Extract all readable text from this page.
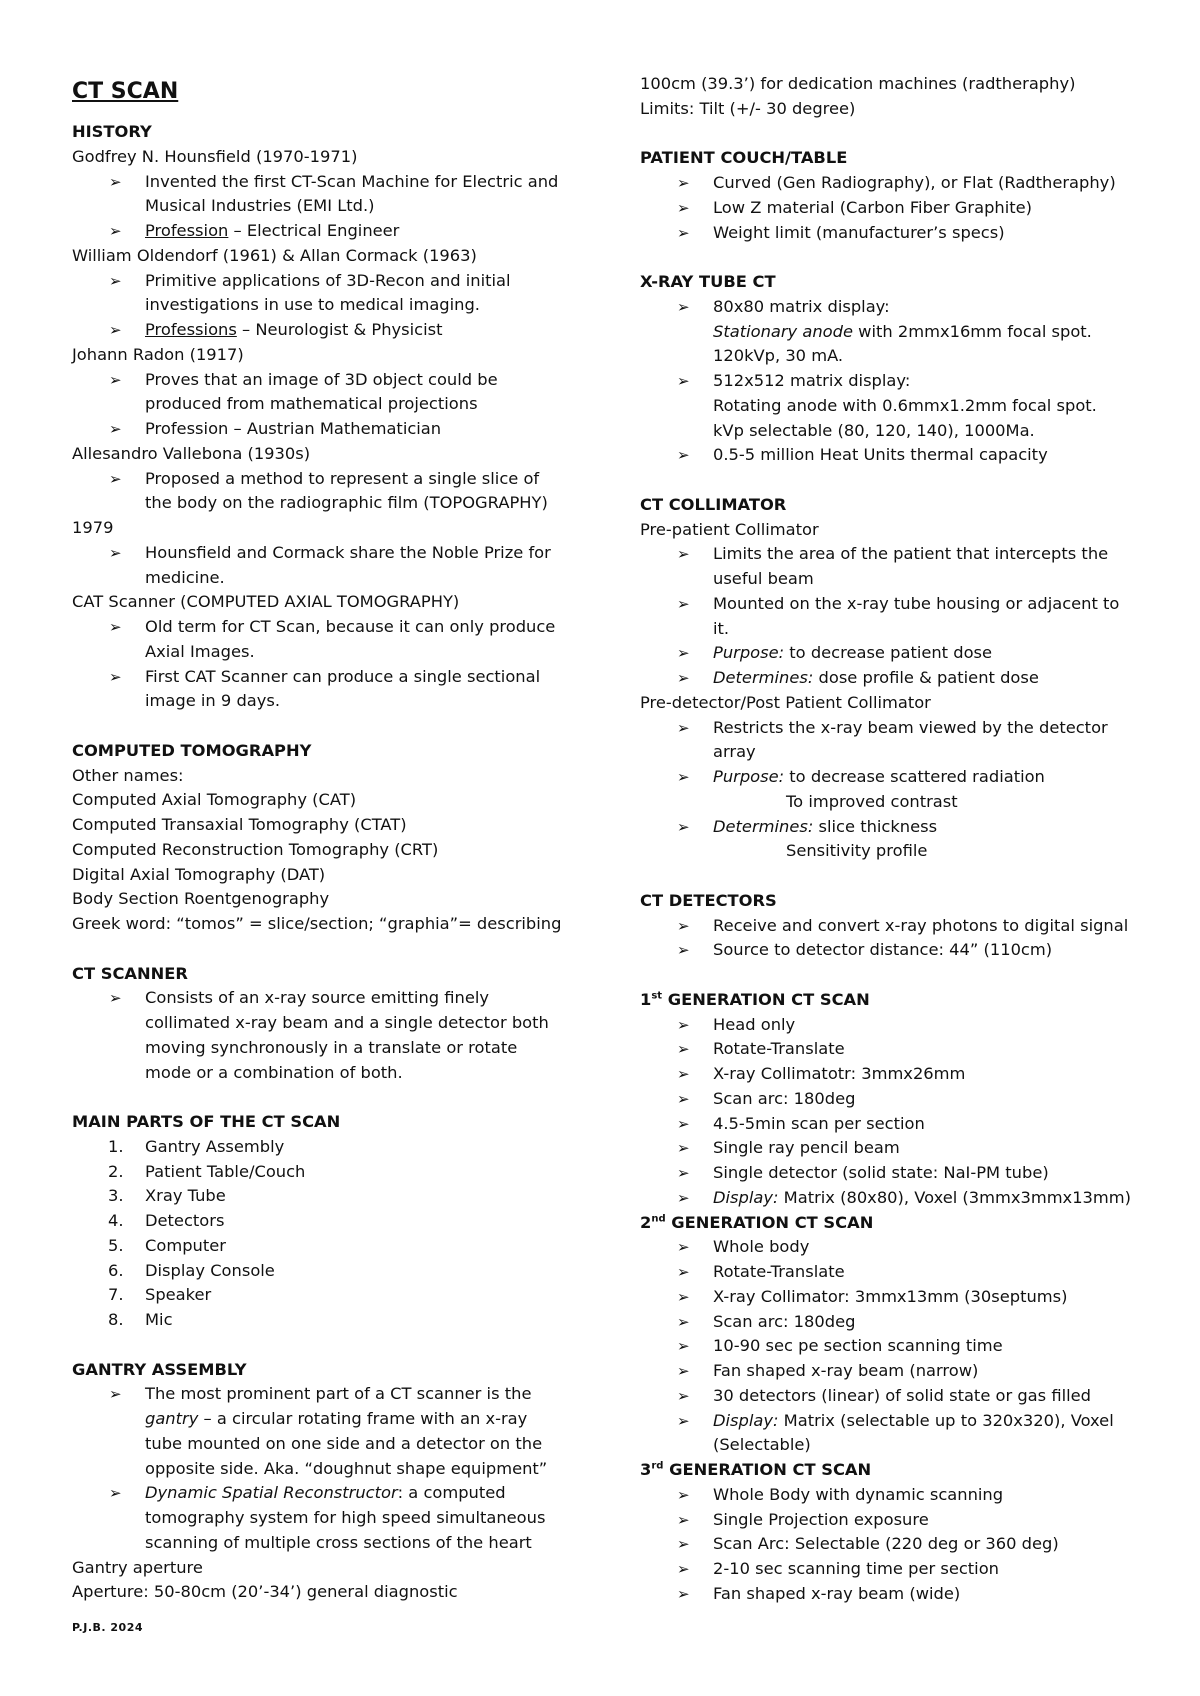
CT SCAN
HISTORY
Godfrey N. Hounsfield (1970-1971)
➢ Invented the first CT-Scan Machine for Electric and
Musical Industries (EMI Ltd.)
➢ Profession – Electrical Engineer
William Oldendorf (1961) & Allan Cormack (1963)
➢ Primitive applications of 3D-Recon and initial
investigations in use to medical imaging.
➢ Professions – Neurologist & Physicist
Johann Radon (1917)
➢ Proves that an image of 3D object could be
produced from mathematical projections
➢ Profession – Austrian Mathematician
Allesandro Vallebona (1930s)
➢ Proposed a method to represent a single slice of
the body on the radiographic film (TOPOGRAPHY)
1979
➢ Hounsfield and Cormack share the Noble Prize for
medicine.
CAT Scanner (COMPUTED AXIAL TOMOGRAPHY)
➢ Old term for CT Scan, because it can only produce
Axial Images.
➢ First CAT Scanner can produce a single sectional
image in 9 days.
COMPUTED TOMOGRAPHY
Other names:
Computed Axial Tomography (CAT)
Computed Transaxial Tomography (CTAT)
Computed Reconstruction Tomography (CRT)
Digital Axial Tomography (DAT)
Body Section Roentgenography
Greek word: “tomos” = slice/section; “graphia”= describing
CT SCANNER
➢ Consists of an x-ray source emitting finely
collimated x-ray beam and a single detector both
moving synchronously in a translate or rotate
mode or a combination of both.
MAIN PARTS OF THE CT SCAN
1. Gantry Assembly
2. Patient Table/Couch
3. Xray Tube
4. Detectors
5. Computer
6. Display Console
7. Speaker
8. Mic
GANTRY ASSEMBLY
➢ The most prominent part of a CT scanner is the
gantry – a circular rotating frame with an x-ray
tube mounted on one side and a detector on the
opposite side. Aka. “doughnut shape equipment”
➢ Dynamic Spatial Reconstructor: a computed
tomography system for high speed simultaneous
scanning of multiple cross sections of the heart
Gantry aperture
Aperture: 50-80cm (20’-34’) general diagnostic
100cm (39.3’) for dedication machines (radtheraphy)
Limits: Tilt (+/- 30 degree)
PATIENT COUCH/TABLE
➢ Curved (Gen Radiography), or Flat (Radtheraphy)
➢ Low Z material (Carbon Fiber Graphite)
➢ Weight limit (manufacturer’s specs)
X-RAY TUBE CT
➢ 80x80 matrix display:
Stationary anode with 2mmx16mm focal spot.
120kVp, 30 mA.
➢ 512x512 matrix display:
Rotating anode with 0.6mmx1.2mm focal spot.
kVp selectable (80, 120, 140), 1000Ma.
➢ 0.5-5 million Heat Units thermal capacity
CT COLLIMATOR
Pre-patient Collimator
➢ Limits the area of the patient that intercepts the
useful beam
➢ Mounted on the x-ray tube housing or adjacent to
it.
➢ Purpose: to decrease patient dose
➢ Determines: dose profile & patient dose
Pre-detector/Post Patient Collimator
➢ Restricts the x-ray beam viewed by the detector
array
➢ Purpose: to decrease scattered radiation
To improved contrast
➢ Determines: slice thickness
Sensitivity profile
CT DETECTORS
➢ Receive and convert x-ray photons to digital signal
➢ Source to detector distance: 44” (110cm)
1st GENERATION CT SCAN
➢ Head only
➢ Rotate-Translate
➢ X-ray Collimatotr: 3mmx26mm
➢ Scan arc: 180deg
➢ 4.5-5min scan per section
➢ Single ray pencil beam
➢ Single detector (solid state: NaI-PM tube)
➢ Display: Matrix (80x80), Voxel (3mmx3mmx13mm)
2nd GENERATION CT SCAN
➢ Whole body
➢ Rotate-Translate
➢ X-ray Collimator: 3mmx13mm (30septums)
➢ Scan arc: 180deg
➢ 10-90 sec pe section scanning time
➢ Fan shaped x-ray beam (narrow)
➢ 30 detectors (linear) of solid state or gas filled
➢ Display: Matrix (selectable up to 320x320), Voxel
(Selectable)
3rd GENERATION CT SCAN
➢ Whole Body with dynamic scanning
➢ Single Projection exposure
➢ Scan Arc: Selectable (220 deg or 360 deg)
➢ 2-10 sec scanning time per section
➢ Fan shaped x-ray beam (wide)
P.J.B. 2024
